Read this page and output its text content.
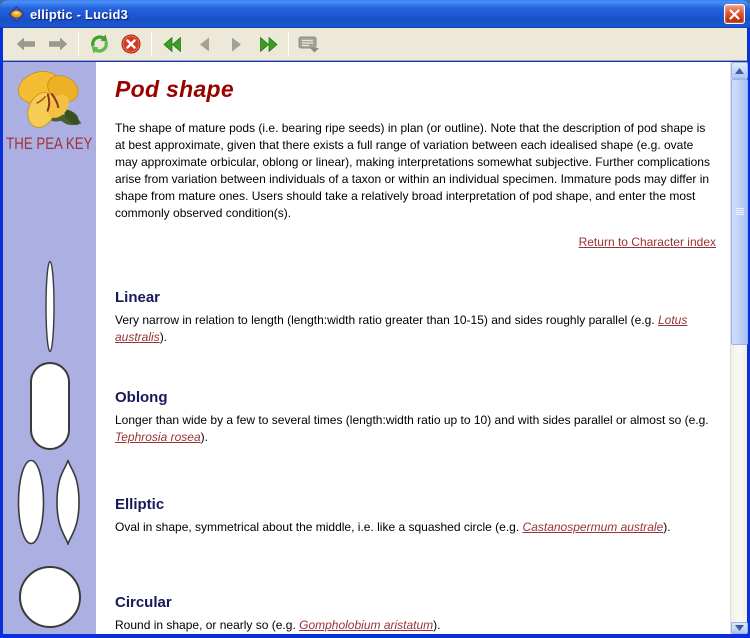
elliptic - Lucid3
THE PEA KEY
Pod shape

The shape of mature pods (i.e. bearing ripe seeds) in plan (or outline). Note that the description of pod shape is at best approximate, given that there exists a full range of variation between each idealised shape (e.g. ovate may approximate orbicular, oblong or linear), making interpretations somewhat subjective. Further complications arise from variation between individuals of a taxon or within an individual specimen. Immature pods may differ in shape from mature ones. Users should take a relatively broad interpretation of pod shape, and enter the most commonly observed condition(s).

Return to Character index
Linear
Very narrow in relation to length (length:width ratio greater than 10-15) and sides roughly parallel (e.g. Lotus australis).
Oblong
Longer than wide by a few to several times (length:width ratio up to 10) and with sides parallel or almost so (e.g. Tephrosia rosea).
Elliptic
Oval in shape, symmetrical about the middle, i.e. like a squashed circle (e.g. Castanospermum australe).
Circular
Round in shape, or nearly so (e.g. Gompholobium aristatum).
